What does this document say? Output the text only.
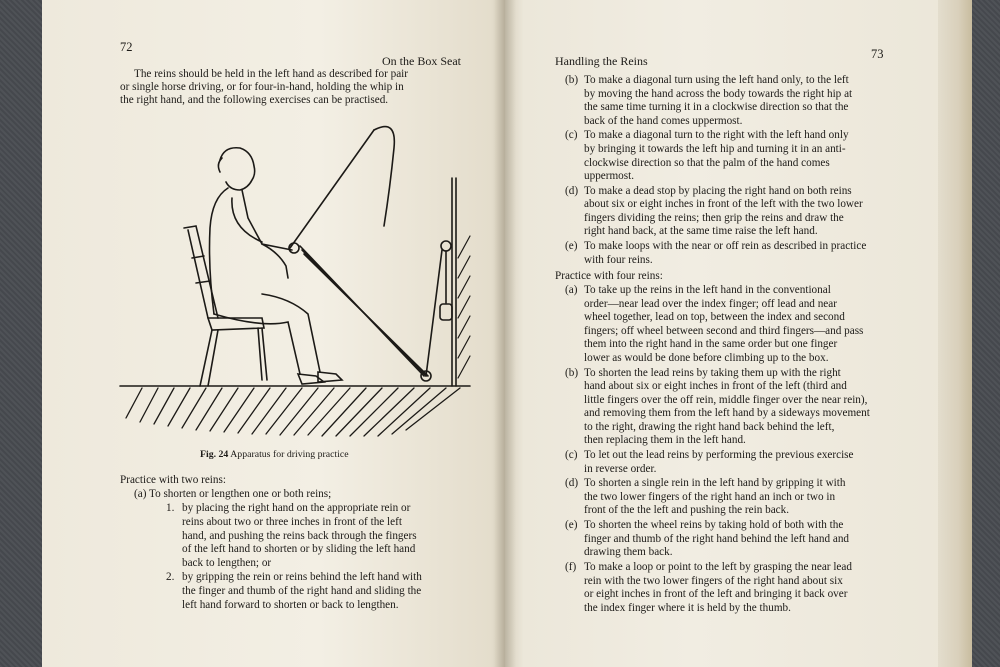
72
On the Box Seat
The reins should be held in the left hand as described for pair
or single horse driving, or for four-in-hand, holding the whip in
the right hand, and the following exercises can be practised.
Fig. 24 Apparatus for driving practice
Practice with two reins:
(a) To shorten or lengthen one or both reins;
1. by placing the right hand on the appropriate rein or
reins about two or three inches in front of the left
hand, and pushing the reins back through the fingers
of the left hand to shorten or by sliding the left hand
back to lengthen; or
2. by gripping the rein or reins behind the left hand with
the finger and thumb of the right hand and sliding the
left hand forward to shorten or back to lengthen.
Handling the Reins	73
(b) To make a diagonal turn using the left hand only, to the left
by moving the hand across the body towards the right hip at
the same time turning it in a clockwise direction so that the
back of the hand comes uppermost.
(c) To make a diagonal turn to the right with the left hand only
by bringing it towards the left hip and turning it in an anti-
clockwise direction so that the palm of the hand comes
uppermost.
(d) To make a dead stop by placing the right hand on both reins
about six or eight inches in front of the left with the two lower
fingers dividing the reins; then grip the reins and draw the
right hand back, at the same time raise the left hand.
(e) To make loops with the near or off rein as described in practice
with four reins.
Practice with four reins:
(a) To take up the reins in the left hand in the conventional
order—near lead over the index finger; off lead and near
wheel together, lead on top, between the index and second
fingers; off wheel between second and third fingers—and pass
them into the right hand in the same order but one finger
lower as would be done before climbing up to the box.
(b) To shorten the lead reins by taking them up with the right
hand about six or eight inches in front of the left (third and
little fingers over the off rein, middle finger over the near rein),
and removing them from the left hand by a sideways movement
to the right, drawing the right hand back behind the left,
then replacing them in the left hand.
(c) To let out the lead reins by performing the previous exercise
in reverse order.
(d) To shorten a single rein in the left hand by gripping it with
the two lower fingers of the right hand an inch or two in
front of the the left and pushing the rein back.
(e) To shorten the wheel reins by taking hold of both with the
finger and thumb of the right hand behind the left hand and
drawing them back.
(f) To make a loop or point to the left by grasping the near lead
rein with the two lower fingers of the right hand about six
or eight inches in front of the left and bringing it back over
the index finger where it is held by the thumb.
